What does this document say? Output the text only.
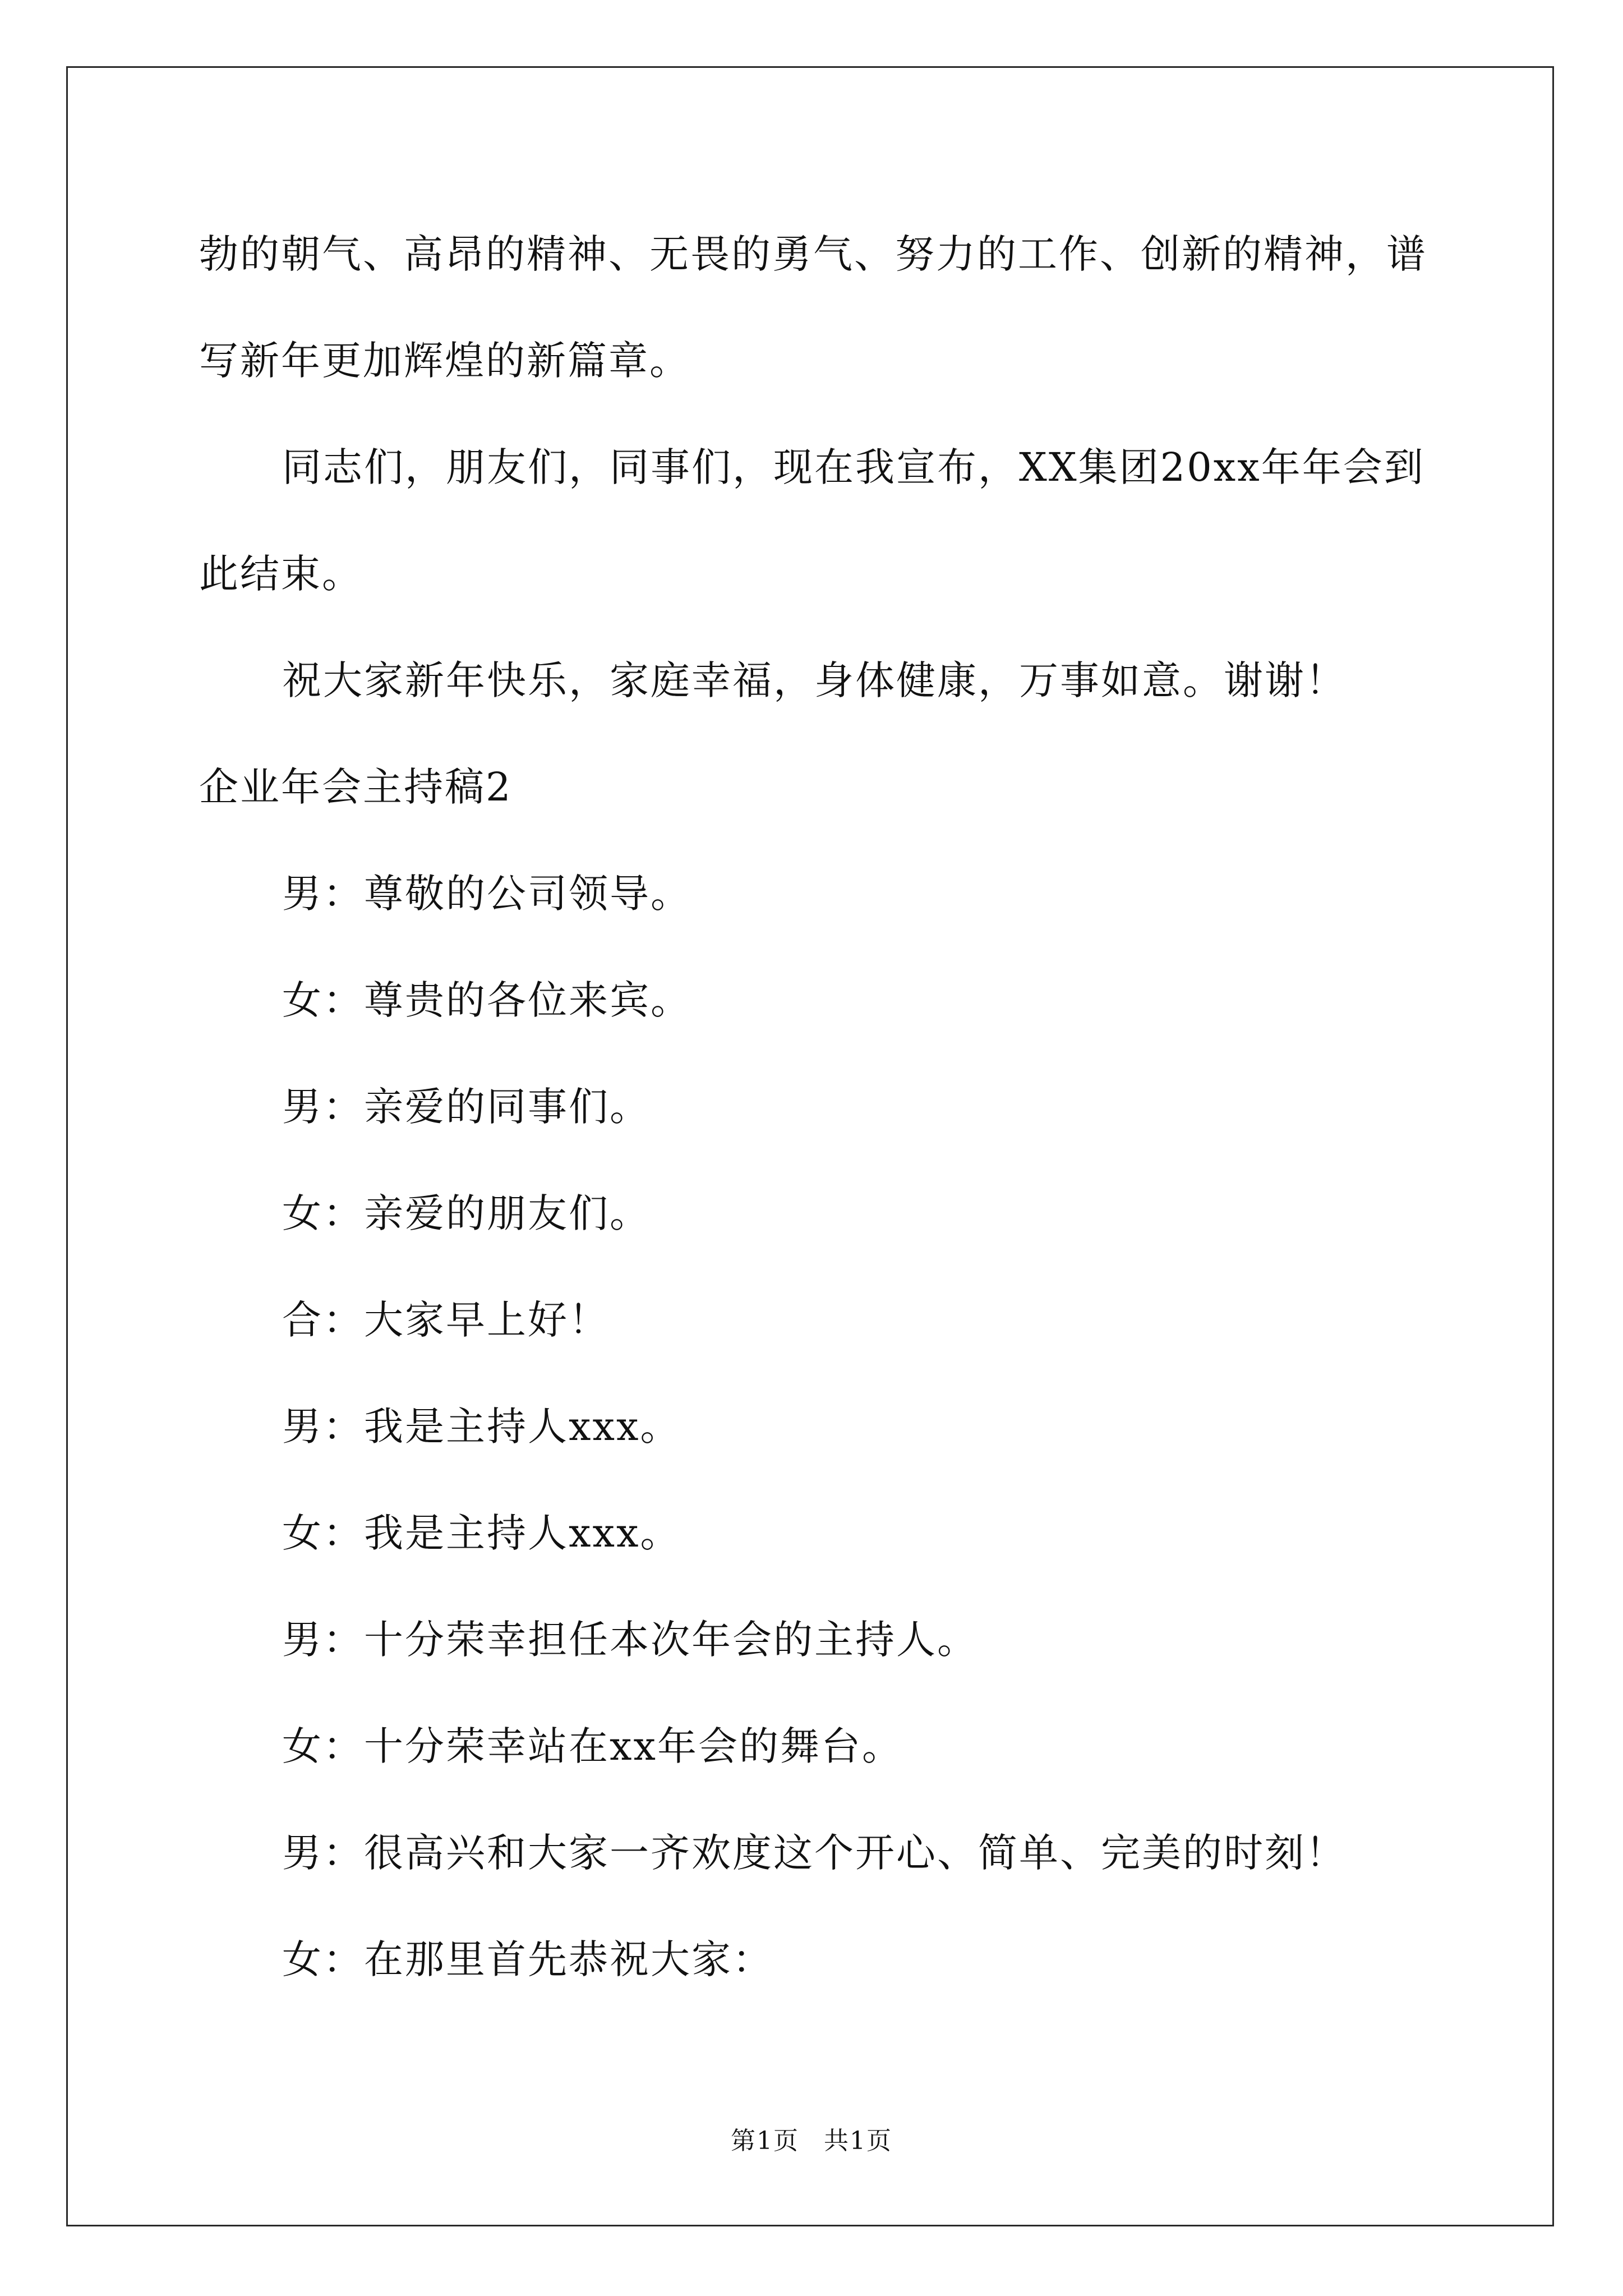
勃的朝气、高昂的精神、无畏的勇气、努力的工作、创新的精神，谱

写新年更加辉煌的新篇章。

同志们，朋友们，同事们，现在我宣布，XX集团20xx年年会到

此结束。

祝大家新年快乐，家庭幸福，身体健康，万事如意。谢谢！

企业年会主持稿2

男：尊敬的公司领导。

女：尊贵的各位来宾。

男：亲爱的同事们。

女：亲爱的朋友们。

合：大家早上好！

男：我是主持人xxx。

女：我是主持人xxx。

男：十分荣幸担任本次年会的主持人。

女：十分荣幸站在xx年会的舞台。

男：很高兴和大家一齐欢度这个开心、简单、完美的时刻！

女：在那里首先恭祝大家：

第1页 共1页
